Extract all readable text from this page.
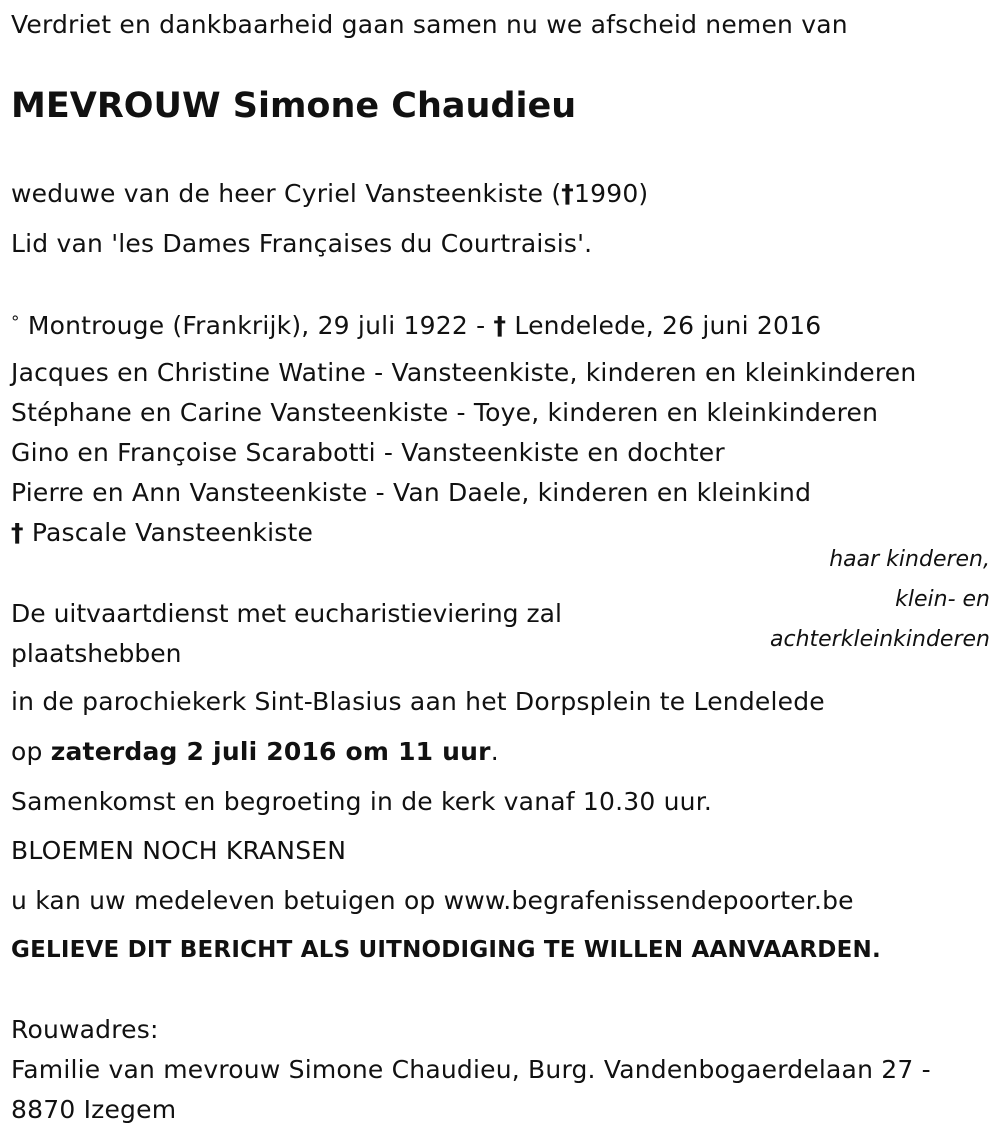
Verdriet en dankbaarheid gaan samen nu we afscheid nemen van
MEVROUW Simone Chaudieu
weduwe van de heer Cyriel Vansteenkiste (†1990)
Lid van 'les Dames Françaises du Courtraisis'.
° Montrouge (Frankrijk), 29 juli 1922 - † Lendelede, 26 juni 2016
Jacques en Christine Watine - Vansteenkiste, kinderen en kleinkinderen
Stéphane en Carine Vansteenkiste - Toye, kinderen en kleinkinderen
Gino en Françoise Scarabotti - Vansteenkiste en dochter
Pierre en Ann Vansteenkiste - Van Daele, kinderen en kleinkind
† Pascale Vansteenkiste
haar kinderen,
klein- en
achterkleinkinderen
De uitvaartdienst met eucharistieviering zal plaatshebben
in de parochiekerk Sint-Blasius aan het Dorpsplein te Lendelede
op zaterdag 2 juli 2016 om 11 uur.
Samenkomst en begroeting in de kerk vanaf 10.30 uur.
BLOEMEN NOCH KRANSEN
u kan uw medeleven betuigen op www.begrafenissendepoorter.be
GELIEVE DIT BERICHT ALS UITNODIGING TE WILLEN AANVAARDEN.
Rouwadres:
Familie van mevrouw Simone Chaudieu, Burg. Vandenbogaerdelaan 27 -
8870 Izegem
